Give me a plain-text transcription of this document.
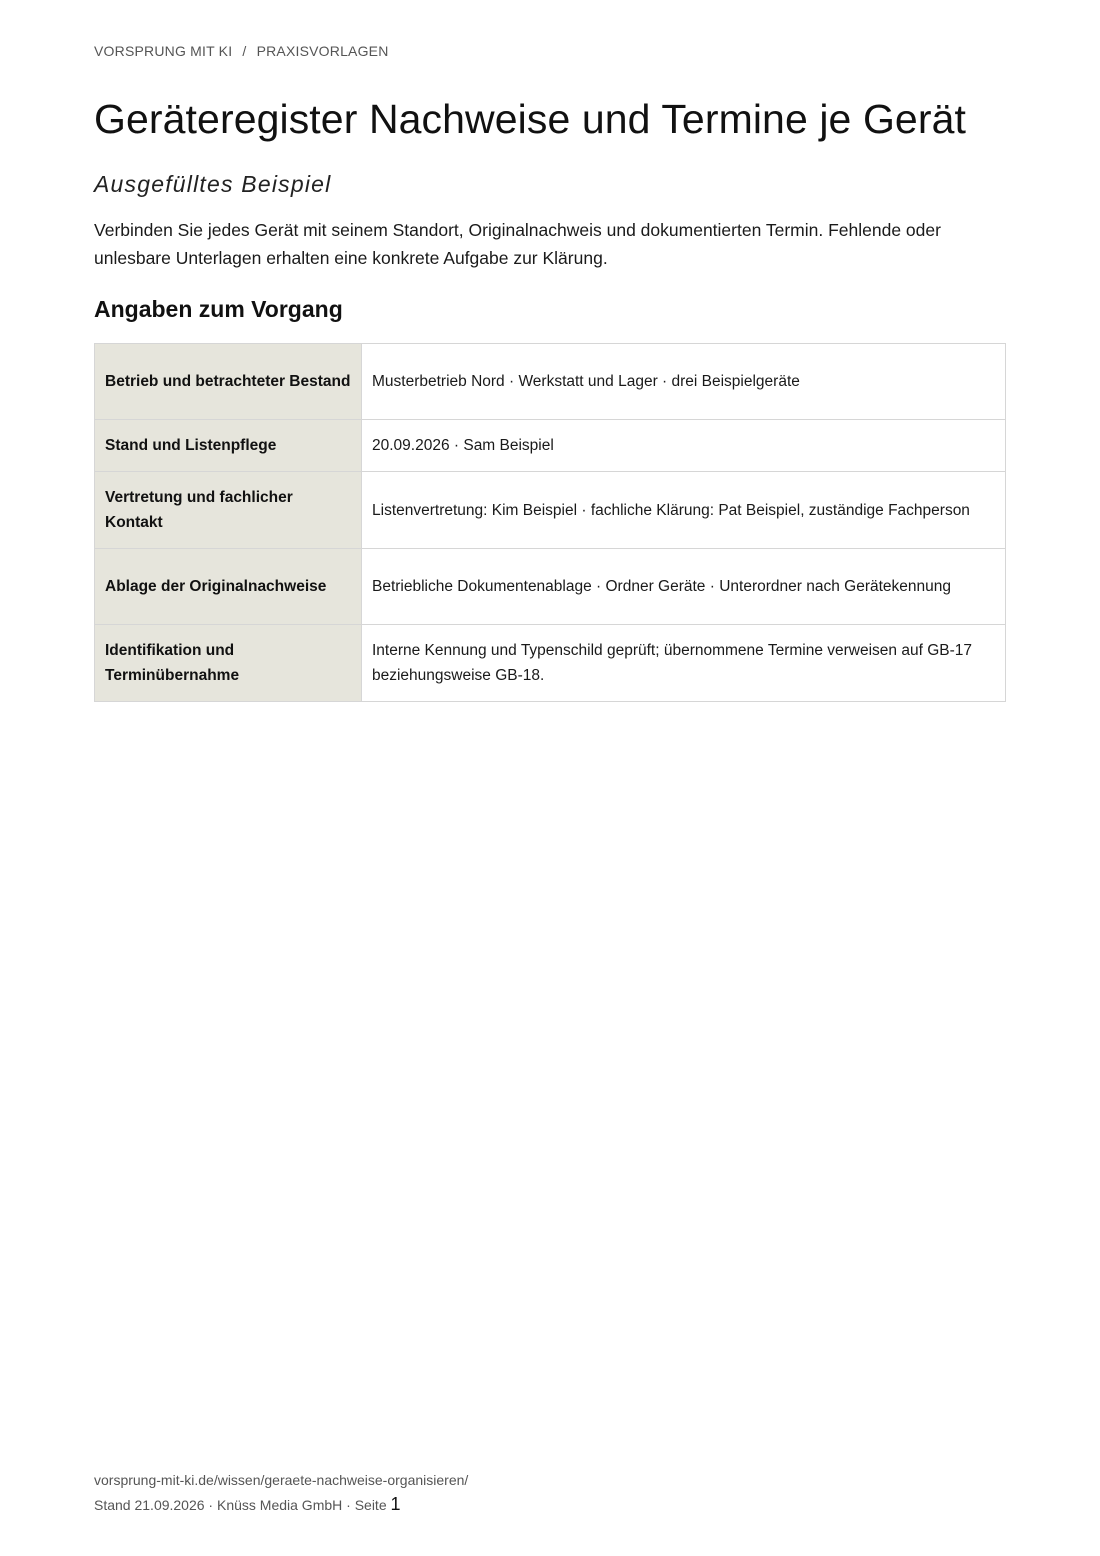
VORSPRUNG MIT KI / PRAXISVORLAGEN
Geräteregister Nachweise und Termine je Gerät
Ausgefülltes Beispiel

Verbinden Sie jedes Gerät mit seinem Standort, Originalnachweis und dokumentierten Termin. Fehlende oder unlesbare Unterlagen erhalten eine konkrete Aufgabe zur Klärung.

Angaben zum Vorgang
Betrieb und betrachteter Bestand	Musterbetrieb Nord · Werkstatt und Lager · drei Beispielgeräte
Stand und Listenpflege	20.09.2026 · Sam Beispiel
Vertretung und fachlicher Kontakt	Listenvertretung: Kim Beispiel · fachliche Klärung: Pat Beispiel, zuständige Fachperson
Ablage der Originalnachweise	Betriebliche Dokumentenablage · Ordner Geräte · Unterordner nach Gerätekennung
Identifikation und Terminübernahme	Interne Kennung und Typenschild geprüft; übernommene Termine verweisen auf GB-17 beziehungsweise GB-18.
vorsprung-mit-ki.de/wissen/geraete-nachweise-organisieren/
Stand 21.09.2026 · Knüss Media GmbH · Seite 1
